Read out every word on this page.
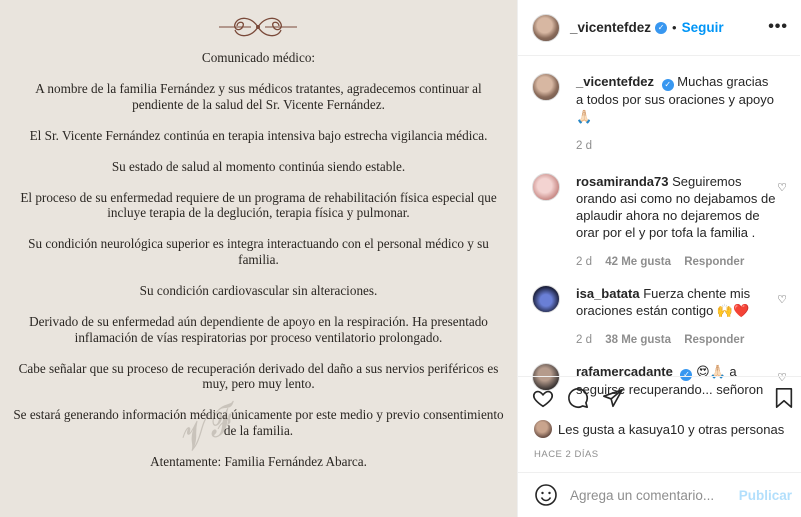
Comunicado médico:

A nombre de la familia Fernández y sus médicos tratantes, agradecemos continuar al pendiente de la salud del Sr. Vicente Fernández.

El Sr. Vicente Fernández continúa en terapia intensiva bajo estrecha vigilancia médica.

Su estado de salud al momento continúa siendo estable.

El proceso de su enfermedad requiere de un programa de rehabilitación física especial que incluye terapia de la deglución, terapia física y pulmonar.

Su condición neurológica superior es integra interactuando con el personal médico y su familia.

Su condición cardiovascular sin alteraciones.

Derivado de su enfermedad aún dependiente de apoyo en la respiración. Ha presentado inflamación de vías respiratorias por proceso ventilatorio prolongado.

Cabe señalar que su proceso de recuperación derivado del daño a sus nervios periféricos es muy, pero muy lento.

Se estará generando información médica únicamente por este medio y previo consentimiento de la familia.

Atentamente: Familia Fernández Abarca.

𝓥𝓕
_vicentefdez ✓ • Seguir	•••
_vicentefdez ✓ Muchas gracias a todos por sus oraciones y apoyo 🙏🏻
2 d
rosamiranda73 Seguiremos orando asi como no dejabamos de aplaudir ahora no dejaremos de orar por el y por tofa la familia .
2 d 42 Me gusta Responder
♡
isa_batata Fuerza chente mis oraciones están contigo 🙌❤️
2 d 38 Me gusta Responder
♡
rafamercadante ✓ 😍🙏🏻 a seguirse recuperando... señoron
♡
Les gusta a kasuya10 y otras personas
HACE 2 DÍAS
Agrega un comentario...
Publicar
